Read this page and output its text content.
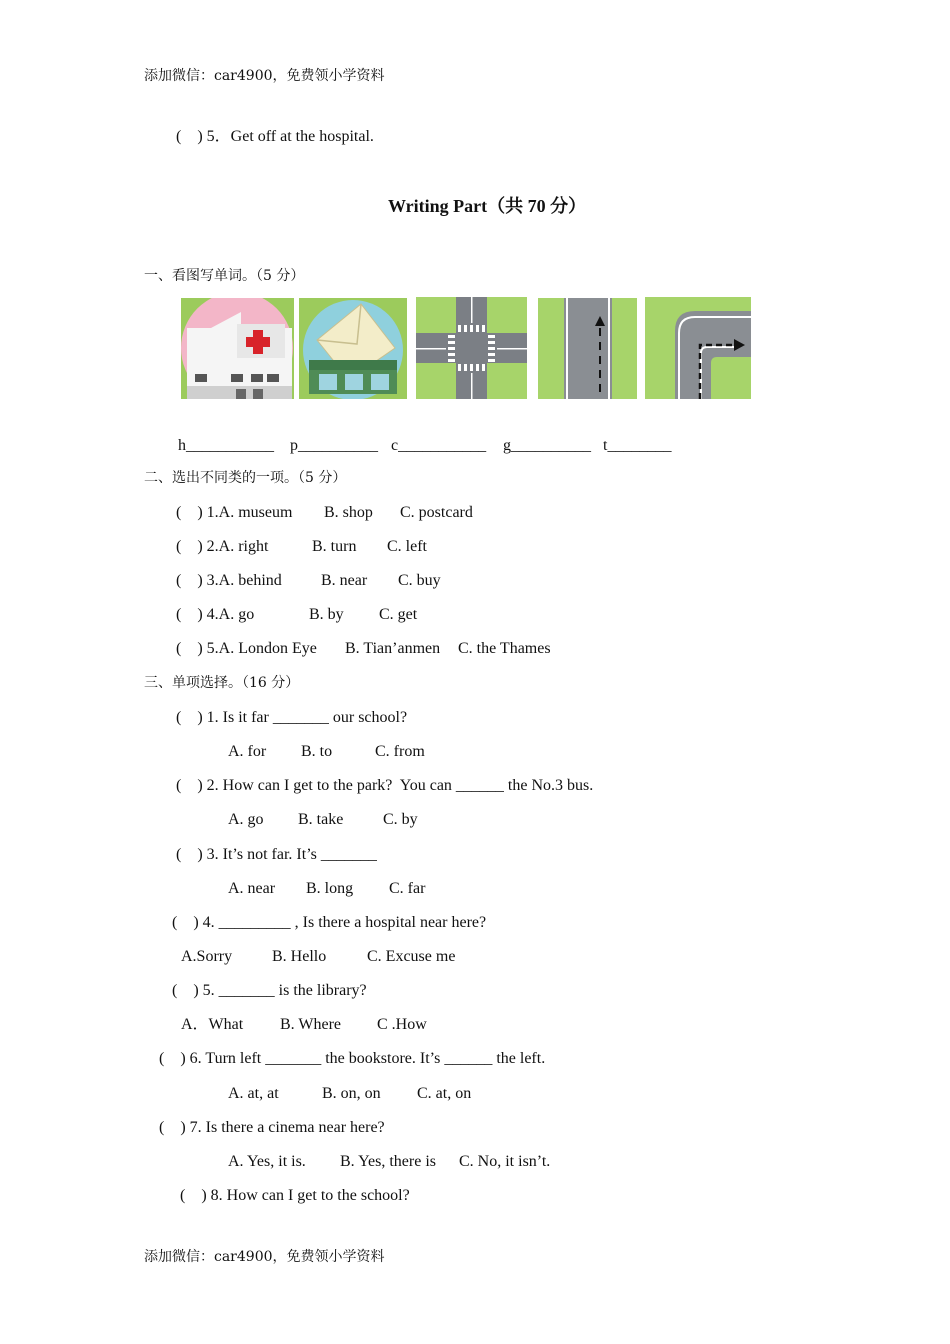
添加微信：car4900，免费领小学资料
(    ) 5．Get off at the hospital.
Writing Part（共 70 分）
一、看图写单词。（5 分）
h___________ p__________ c___________ g__________ t________
二、选出不同类的一项。（5 分）
(    ) 1.A. museum B. shop C. postcard
(    ) 2.A. right	B. turn C. left
(    ) 3.A. behind B. near C. buy
(    ) 4.A. go	B. by C. get
(    ) 5.A. London Eye B. Tian’anmen C. the Thames
三、单项选择。（16 分）
(    ) 1. Is it far _______ our school?
A. for B. to	C. from
(    ) 2. How can I get to the park?  You can ______ the No.3 bus.
A. go B. take C. by
(    ) 3. It’s not far. It’s _______
A. near B. long C. far
(    ) 4. _________ , Is there a hospital near here?
A.Sorry B. Hello	C. Excuse me
(    ) 5. _______ is the library?
A．What B. Where C .How
(    ) 6. Turn left _______ the bookstore. It’s ______ the left.
A. at, at	B. on, on C. at, on
(    ) 7. Is there a cinema near here?
A. Yes, it is. B. Yes, there is C. No, it isn’t.
(    ) 8. How can I get to the school?
添加微信：car4900，免费领小学资料
